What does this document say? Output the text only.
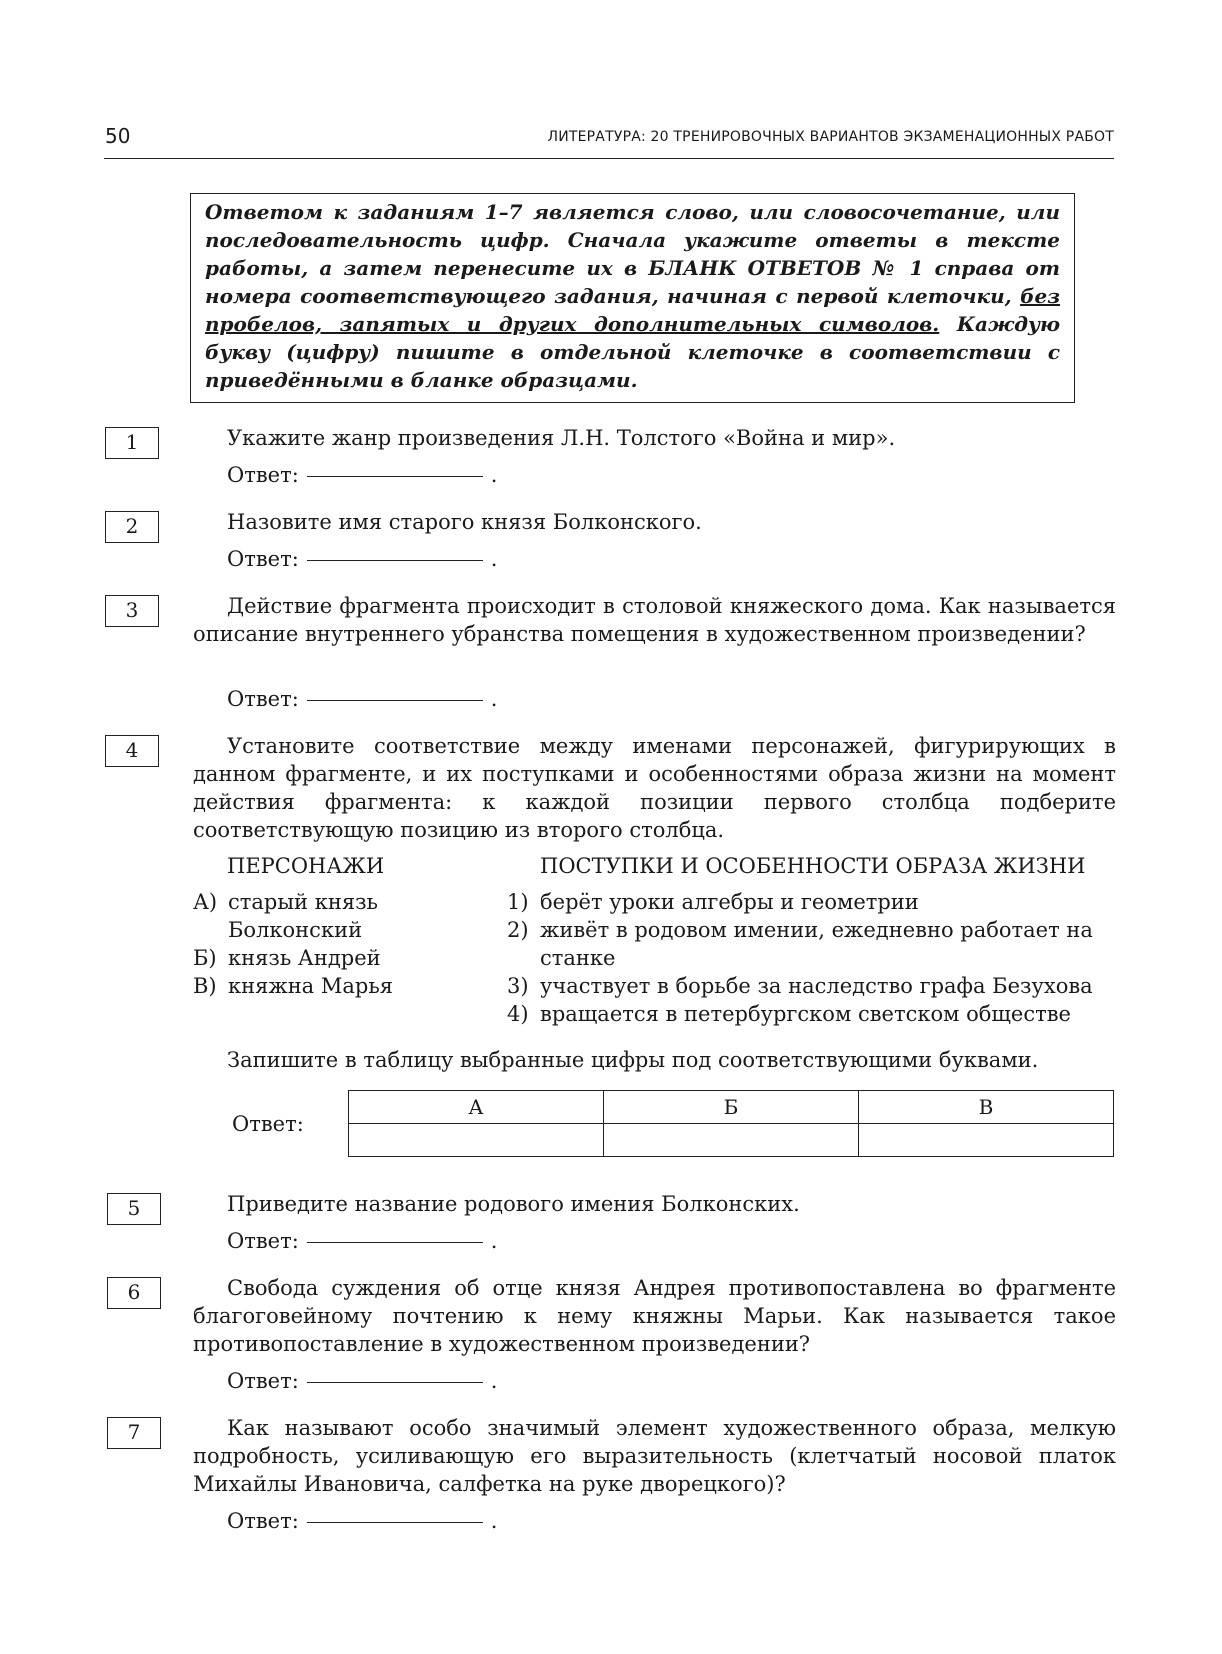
50	ЛИТЕРАТУРА: 20 ТРЕНИРОВОЧНЫХ ВАРИАНТОВ ЭКЗАМЕНАЦИОННЫХ РАБОТ

Ответом к заданиям 1–7 является слово, или словосочетание, или последовательность цифр. Сначала укажите ответы в тексте работы, а затем перенесите их в БЛАНК ОТВЕТОВ № 1 справа от номера соответствующего задания, начиная с первой клеточки, без пробелов, запятых и других дополнительных символов. Каждую букву (цифру) пишите в отдельной клеточке в соответствии с приведёнными в бланке образцами.

1	Укажите жанр произведения Л.Н. Толстого «Война и мир».

Ответ:	.
2	Назовите имя старого князя Болконского.

Ответ:	.
3	Действие фрагмента происходит в столовой княжеского дома. Как называется описание внутреннего убранства помещения в художественном произведении?

Ответ:	.
4	Установите соответствие между именами персонажей, фигурирующих в данном фрагменте, и их поступками и особенностями образа жизни на момент действия фрагмента: к каждой позиции первого столбца подберите соответствующую позицию из второго столбца.

ПЕРСОНАЖИ	ПОСТУПКИ И ОСОБЕННОСТИ ОБРАЗА ЖИЗНИ
А) старый князь Болконский
Б) князь Андрей
В) княжна Марья
1) берёт уроки алгебры и геометрии
2) живёт в родовом имении, ежедневно работает на станке
3) участвует в борьбе за наследство графа Безухова
4) вращается в петербургском светском обществе
Запишите в таблицу выбранные цифры под соответствующими буквами.
Ответ:
А	Б	В

5	Приведите название родового имения Болконских.

Ответ:	.
6	Свобода суждения об отце князя Андрея противопоставлена во фрагменте благоговейному почтению к нему княжны Марьи. Как называется такое противопоставление в художественном произведении?

Ответ:	.
7	Как называют особо значимый элемент художественного образа, мелкую подробность, усиливающую его выразительность (клетчатый носовой платок Михайлы Ивановича, салфетка на руке дворецкого)?

Ответ:	.
